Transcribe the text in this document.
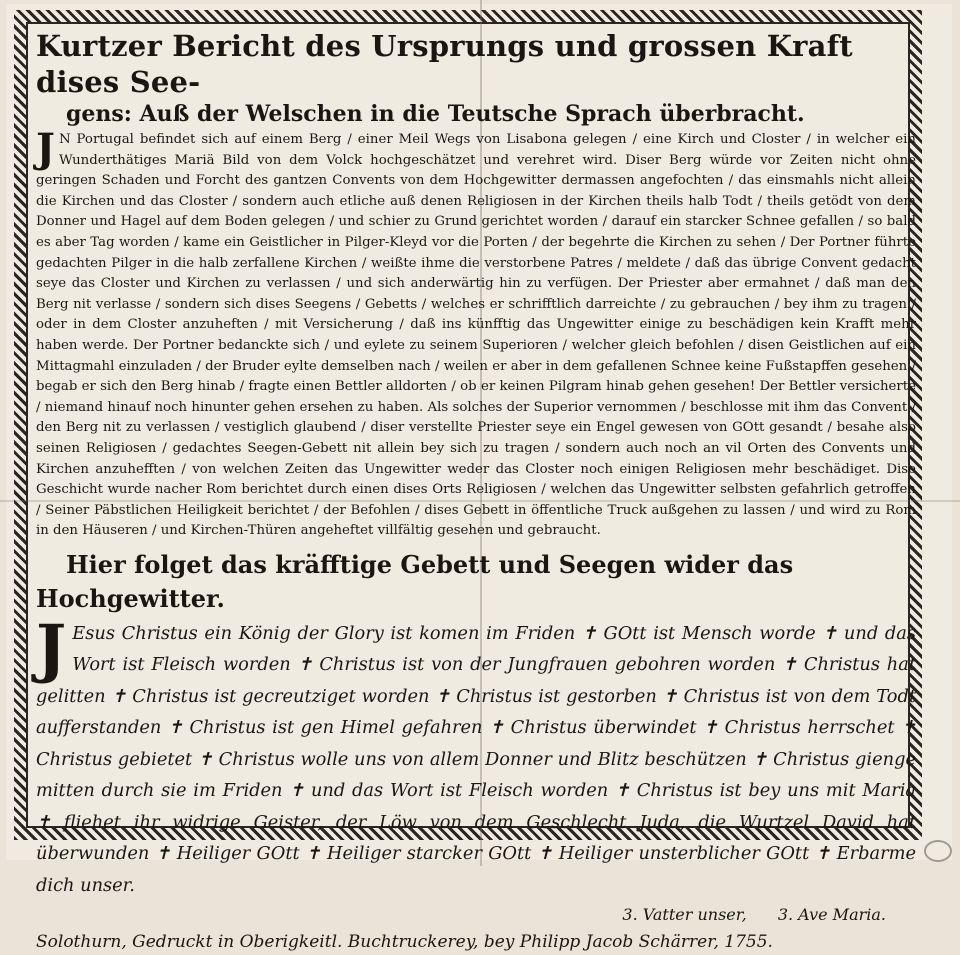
Kurtzer Bericht des Ursprungs und grossen Kraft dises See-
gens: Auß der Welschen in die Teutsche Sprach überbracht.

J N Portugal befindet sich auf einem Berg / einer Meil Wegs von Lisabona gelegen / eine Kirch und Closter / in welcher ein Wunderthätiges Mariä Bild von dem Volck hochgeschätzet und verehret wird. Diser Berg würde vor Zeiten nicht ohne geringen Schaden und Forcht des gantzen Convents von dem Hochgewitter dermassen angefochten / das einsmahls nicht allein die Kirchen und das Closter / sondern auch etliche auß denen Religiosen in der Kirchen theils halb Todt / theils getödt von dem Donner und Hagel auf dem Boden gelegen / und schier zu Grund gerichtet worden / darauf ein starcker Schnee gefallen / so bald es aber Tag worden / kame ein Geistlicher in Pilger-Kleyd vor die Porten / der begehrte die Kirchen zu sehen / Der Portner führte gedachten Pilger in die halb zerfallene Kirchen / weißte ihme die verstorbene Patres / meldete / daß das übrige Convent gedacht seye das Closter und Kirchen zu verlassen / und sich anderwärtig hin zu verfügen. Der Priester aber ermahnet / daß man den Berg nit verlasse / sondern sich dises Seegens / Gebetts / welches er schrifftlich darreichte / zu gebrauchen / bey ihm zu tragen / oder in dem Closter anzuheften / mit Versicherung / daß ins künfftig das Ungewitter einige zu beschädigen kein Krafft mehr haben werde. Der Portner bedanckte sich / und eylete zu seinem Superioren / welcher gleich befohlen / disen Geistlichen auf ein Mittagmahl einzuladen / der Bruder eylte demselben nach / weilen er aber in dem gefallenen Schnee keine Fußstapffen gesehen / begab er sich den Berg hinab / fragte einen Bettler alldorten / ob er keinen Pilgram hinab gehen gesehen! Der Bettler versicherte / niemand hinauf noch hinunter gehen ersehen zu haben. Als solches der Superior vernommen / beschlosse mit ihm das Convent / den Berg nit zu verlassen / vestiglich glaubend / diser verstellte Priester seye ein Engel gewesen von GOtt gesandt / besahe also seinen Religiosen / gedachtes Seegen-Gebett nit allein bey sich zu tragen / sondern auch noch an vil Orten des Convents und Kirchen anzuhefften / von welchen Zeiten das Ungewitter weder das Closter noch einigen Religiosen mehr beschädiget. Dise Geschicht wurde nacher Rom berichtet durch einen dises Orts Religiosen / welchen das Ungewitter selbsten gefahrlich getroffen / Seiner Päbstlichen Heiligkeit berichtet / der Befohlen / dises Gebett in öffentliche Truck außgehen zu lassen / und wird zu Rom in den Häuseren / und Kirchen-Thüren angeheftet villfältig gesehen und gebraucht.

Hier folget das kräfftige Gebett und Seegen wider das Hochgewitter.

J Esus Christus ein König der Glory ist komen im Friden ✝ GOtt ist Mensch worde ✝ und das Wort ist Fleisch worden ✝ Christus ist von der Jungfrauen gebohren worden ✝ Christus hat gelitten ✝ Christus ist gecreutziget worden ✝ Christus ist gestorben ✝ Christus ist von dem Todt aufferstanden ✝ Christus ist gen Himel gefahren ✝ Christus überwindet ✝ Christus herrschet ✝ Christus gebietet ✝ Christus wolle uns von allem Donner und Blitz beschützen ✝ Christus gienge mitten durch sie im Friden ✝ und das Wort ist Fleisch worden ✝ Christus ist bey uns mit Maria ✝ fliehet ihr widrige Geister, der Löw von dem Geschlecht Juda, die Wurtzel David hat überwunden ✝ Heiliger GOtt ✝ Heiliger starcker GOtt ✝ Heiliger unsterblicher GOtt ✝ Erbarme dich unser.

3. Vatter unser, 3. Ave Maria.
Solothurn, Gedruckt in Oberigkeitl. Buchtruckerey, bey Philipp Jacob Schärrer, 1755.
